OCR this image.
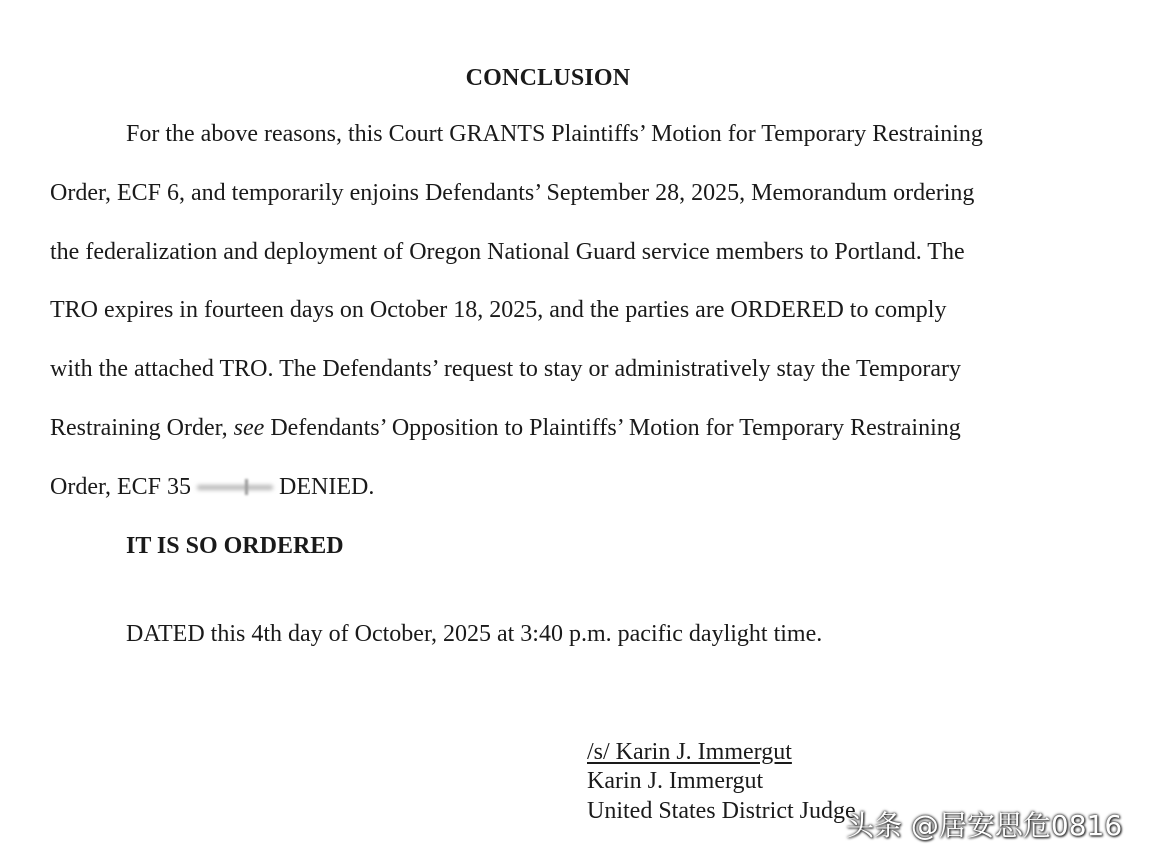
CONCLUSION
For the above reasons, this Court GRANTS Plaintiffs’ Motion for Temporary Restraining
Order, ECF 6, and temporarily enjoins Defendants’ September 28, 2025, Memorandum ordering
the federalization and deployment of Oregon National Guard service members to Portland. The
TRO expires in fourteen days on October 18, 2025, and the parties are ORDERED to comply
with the attached TRO. The Defendants’ request to stay or administratively stay the Temporary
Restraining Order, see Defendants’ Opposition to Plaintiffs’ Motion for Temporary Restraining
Order, ECF 35	DENIED.
IT IS SO ORDERED
DATED this 4th day of October, 2025 at 3:40 p.m. pacific daylight time.
/s/ Karin J. Immergut
Karin J. Immergut
United States District Judge
头条 @居安思危0816
